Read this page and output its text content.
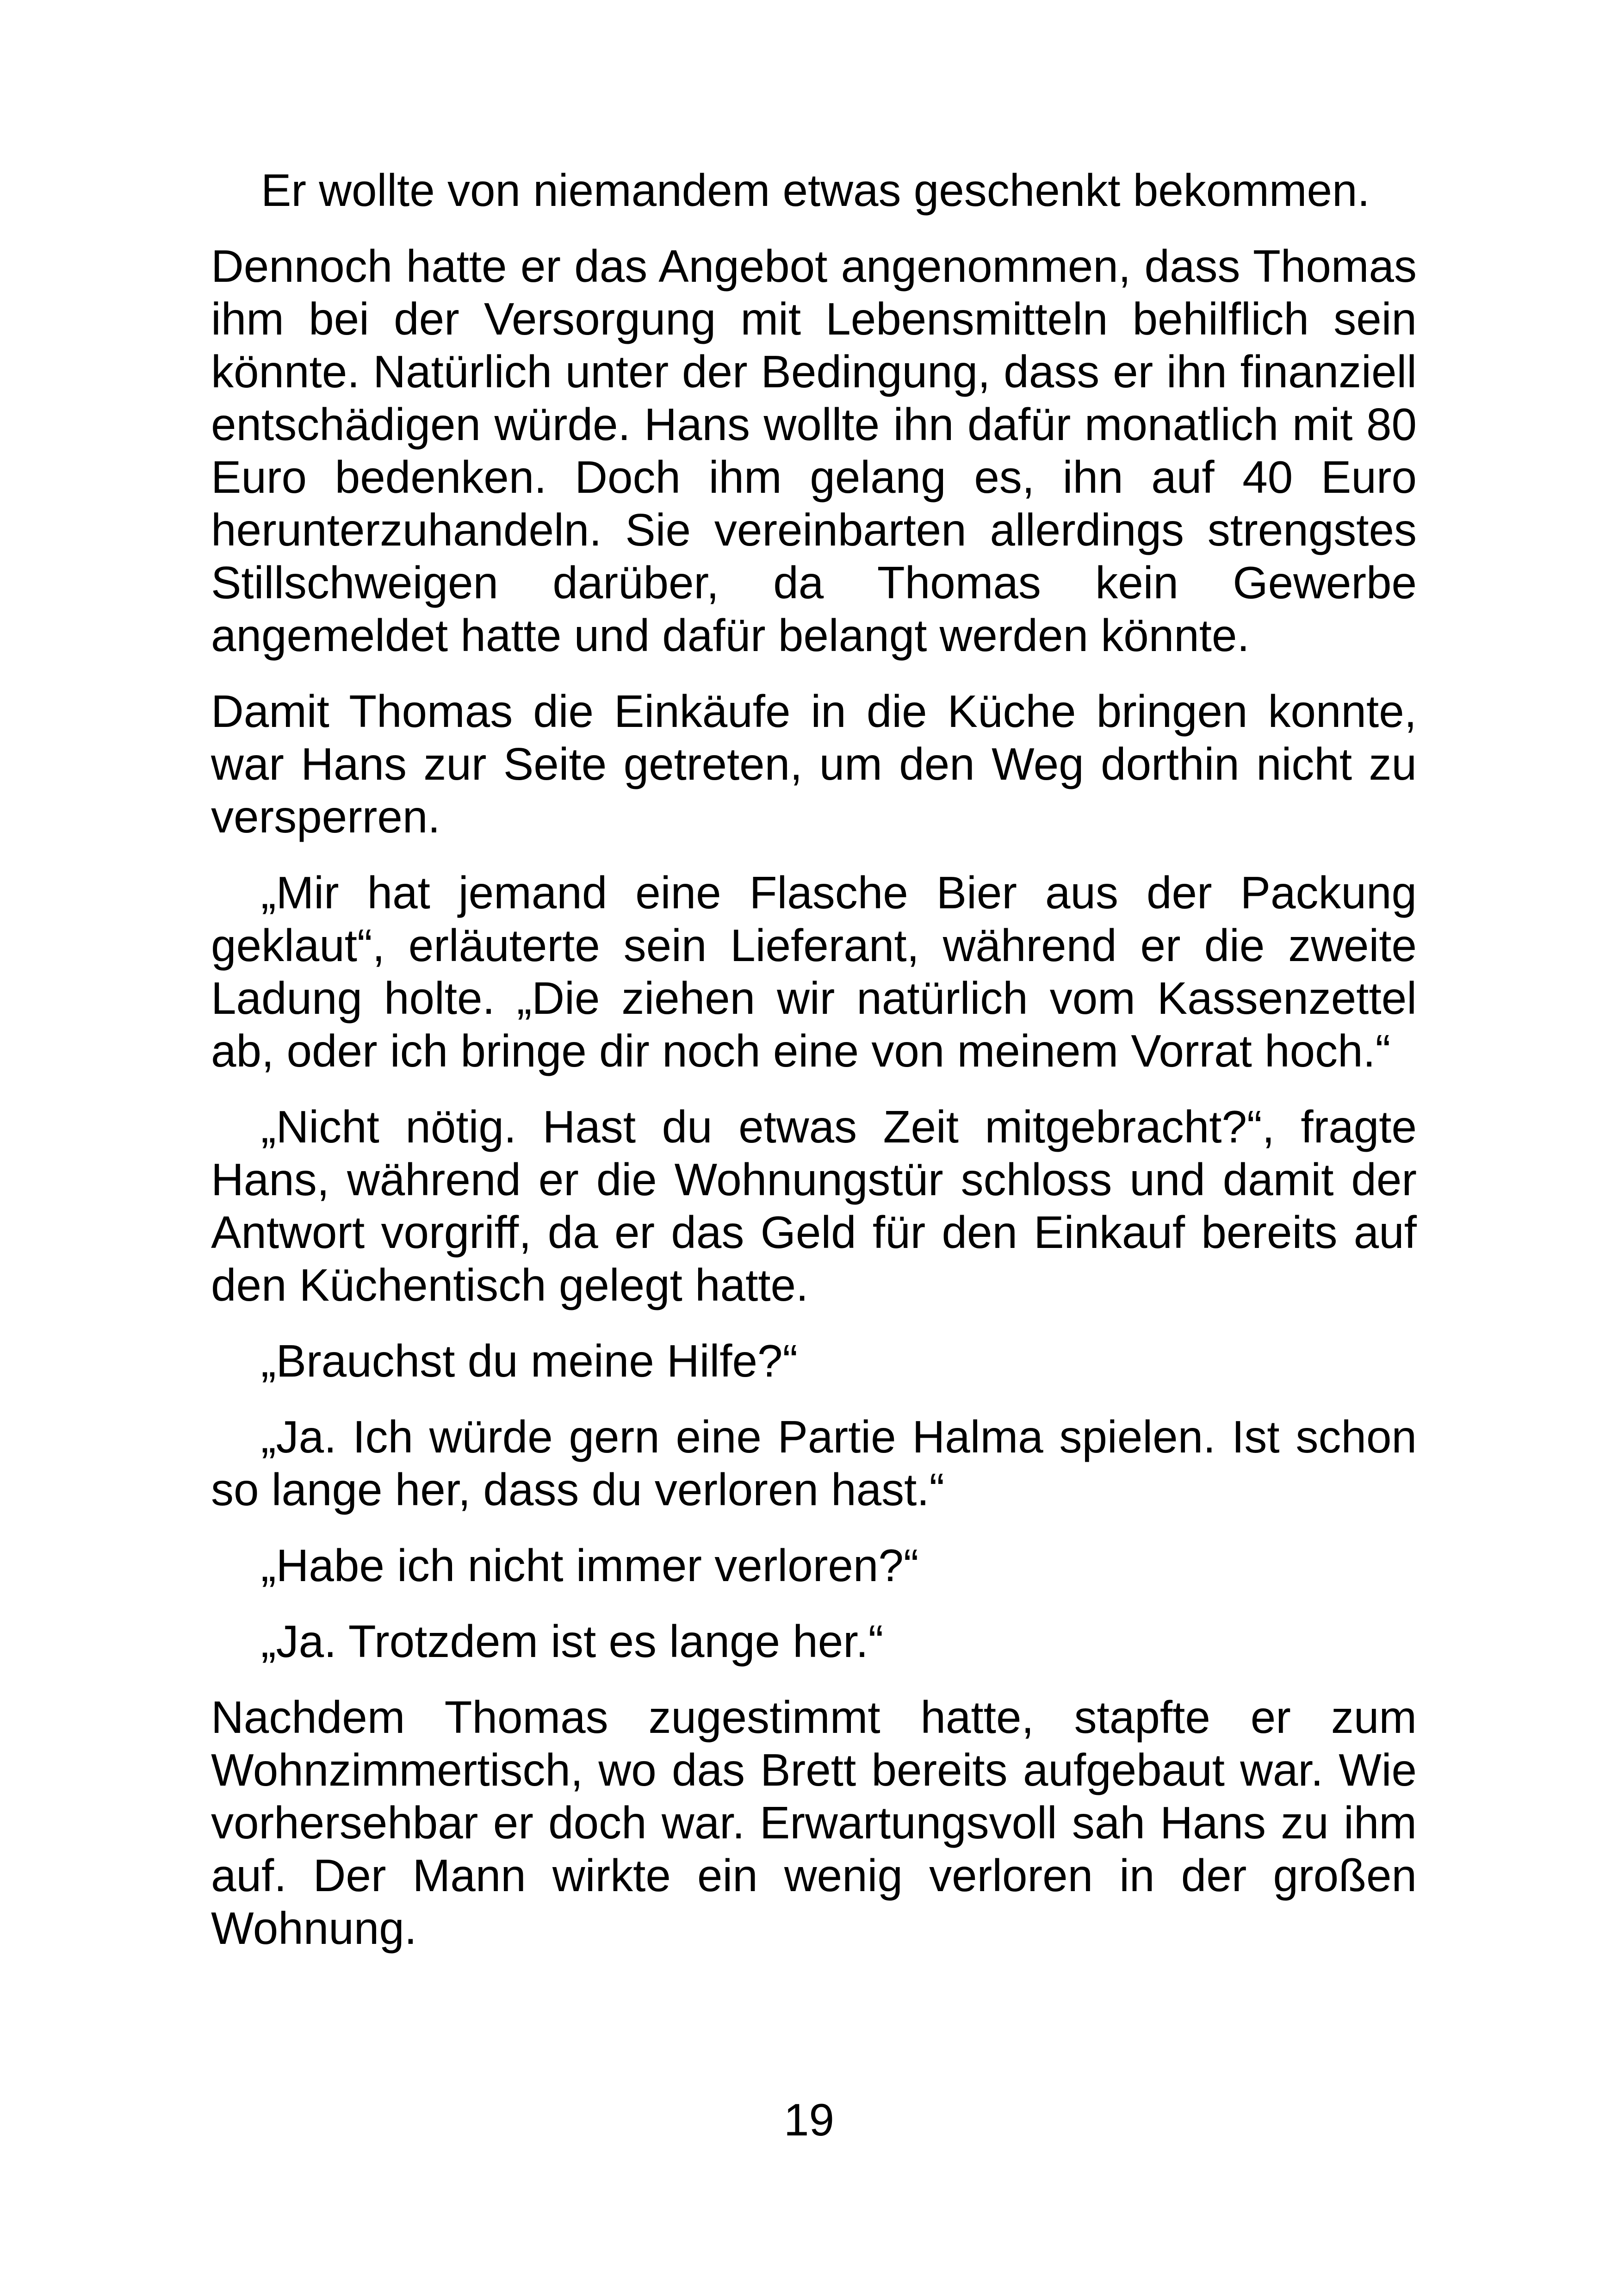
Er wollte von niemandem etwas geschenkt bekommen.

Dennoch hatte er das Angebot angenommen, dass Thomas ihm bei der Versorgung mit Lebensmitteln behilflich sein könnte. Natürlich unter der Bedingung, dass er ihn finanziell entschädigen würde. Hans wollte ihn dafür monatlich mit 80 Euro bedenken. Doch ihm gelang es, ihn auf 40 Euro herunterzuhandeln. Sie vereinbarten allerdings strengstes Stillschweigen darüber, da Thomas kein Gewerbe angemeldet hatte und dafür belangt werden könnte.

Damit Thomas die Einkäufe in die Küche bringen konnte, war Hans zur Seite getreten, um den Weg dorthin nicht zu versperren.

„Mir hat jemand eine Flasche Bier aus der Packung geklaut“, erläuterte sein Lieferant, während er die zweite Ladung holte. „Die ziehen wir natürlich vom Kassenzettel ab, oder ich bringe dir noch eine von meinem Vorrat hoch.“

„Nicht nötig. Hast du etwas Zeit mitgebracht?“, fragte Hans, während er die Wohnungstür schloss und damit der Antwort vorgriff, da er das Geld für den Einkauf bereits auf den Küchentisch gelegt hatte.

„Brauchst du meine Hilfe?“

„Ja. Ich würde gern eine Partie Halma spielen. Ist schon so lange her, dass du verloren hast.“

„Habe ich nicht immer verloren?“

„Ja. Trotzdem ist es lange her.“

Nachdem Thomas zugestimmt hatte, stapfte er zum Wohnzimmertisch, wo das Brett bereits aufgebaut war. Wie vorhersehbar er doch war. Erwartungsvoll sah Hans zu ihm auf. Der Mann wirkte ein wenig verloren in der großen Wohnung.

19
